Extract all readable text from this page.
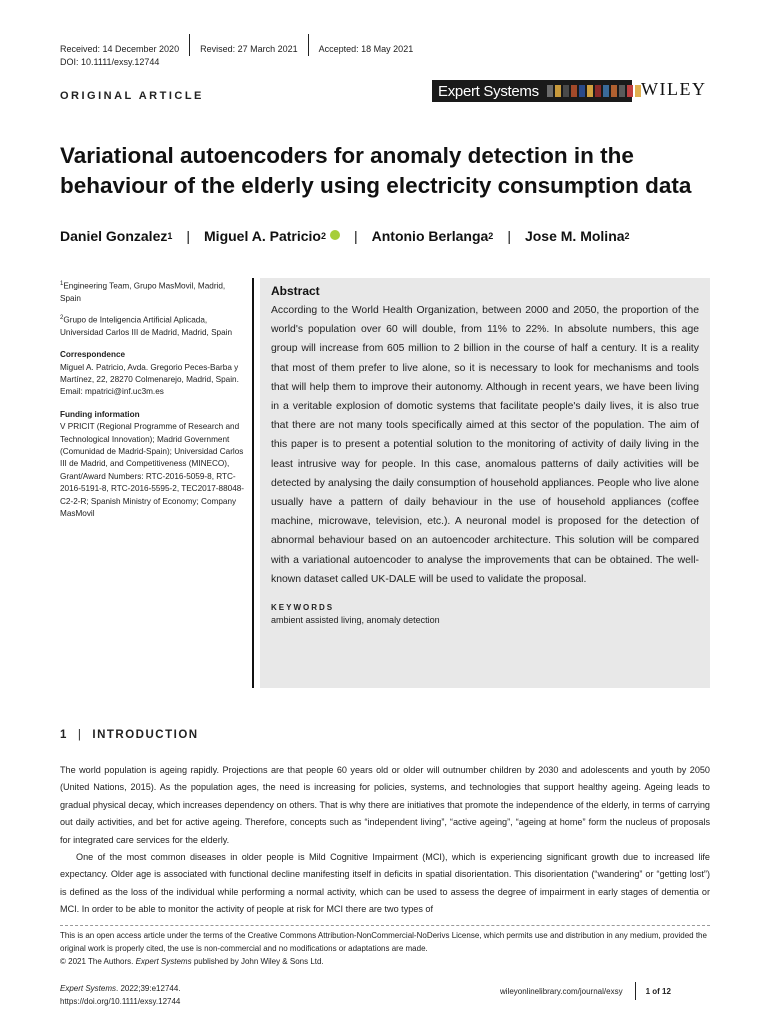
Received: 14 December 2020 Revised: 27 March 2021 Accepted: 18 May 2021
DOI: 10.1111/exsy.12744
ORIGINAL ARTICLE	Expert Systems	WILEY
Variational autoencoders for anomaly detection in the behaviour of the elderly using electricity consumption data
Daniel Gonzalez 1 | Miguel A. Patricio 2 | Antonio Berlanga 2 | Jose M. Molina 2

$^1$Engineering Team, Grupo MasMovil, Madrid, Spain

$^2$Grupo de Inteligencia Artificial Aplicada, Universidad Carlos III de Madrid, Madrid, Spain

Correspondence

Miguel A. Patricio, Avda. Gregorio Peces-Barba y Martínez, 22, 28270 Colmenarejo, Madrid, Spain.

Email: mpatrici@inf.uc3m.es

Funding information

V PRICIT (Regional Programme of Research and Technological Innovation); Madrid Government (Comunidad de Madrid-Spain); Universidad Carlos III de Madrid, and Competitiveness (MINECO), Grant/Award Numbers: RTC-2016-5059-8, RTC-2016-5191-8, RTC-2016-5595-2, TEC2017-88048-C2-2-R; Spanish Ministry of Economy; Company MasMovil

Abstract

According to the World Health Organization, between 2000 and 2050, the proportion of the world's population over 60 will double, from 11% to 22%. In absolute numbers, this age group will increase from 605 million to 2 billion in the course of half a century. It is a reality that most of them prefer to live alone, so it is necessary to look for mechanisms and tools that will help them to improve their autonomy. Although in recent years, we have been living in a veritable explosion of domotic systems that facilitate people's daily lives, it is also true that there are not many tools specifically aimed at this sector of the population. The aim of this paper is to present a potential solution to the monitoring of activity of daily living in the least intrusive way for people. In this case, anomalous patterns of daily activities will be detected by analysing the daily consumption of household appliances. People who live alone usually have a pattern of daily behaviour in the use of household appliances (coffee machine, microwave, television, etc.). A neuronal model is proposed for the detection of abnormal behaviour based on an autoencoder architecture. This solution will be compared with a variational autoencoder to analyse the improvements that can be obtained. The well-known dataset called UK-DALE will be used to validate the proposal.

KEYWORDS
ambient assisted living, anomaly detection
1 | INTRODUCTION

The world population is ageing rapidly. Projections are that people 60 years old or older will outnumber children by 2030 and adolescents and youth by 2050 (United Nations, 2015). As the population ages, the need is increasing for policies, systems, and technologies that support healthy ageing. Ageing leads to gradual physical decay, which increases dependency on others. That is why there are initiatives that promote the independence of the elderly, in terms of carrying out daily activities, and bet for active ageing. Therefore, concepts such as “independent living”, “active ageing”, “ageing at home” form the nucleus of proposals for integrated care services for the elderly.

One of the most common diseases in older people is Mild Cognitive Impairment (MCI), which is experiencing significant growth due to increased life expectancy. Older age is associated with functional decline manifesting itself in deficits in spatial disorientation. This disorientation (“wandering” or “getting lost”) is defined as the loss of the individual while performing a normal activity, which can be used to assess the degree of impairment in early stages of dementia or MCI. In order to be able to monitor the activity of people at risk for MCI there are two types of

This is an open access article under the terms of the Creative Commons Attribution-NonCommercial-NoDerivs License, which permits use and distribution in any medium, provided the original work is properly cited, the use is non-commercial and no modifications or adaptations are made.

© 2021 The Authors. Expert Systems published by John Wiley & Sons Ltd.

Expert Systems. 2022;39:e12744.
https://doi.org/10.1111/exsy.12744
wileyonlinelibrary.com/journal/exsy	1 of 12
